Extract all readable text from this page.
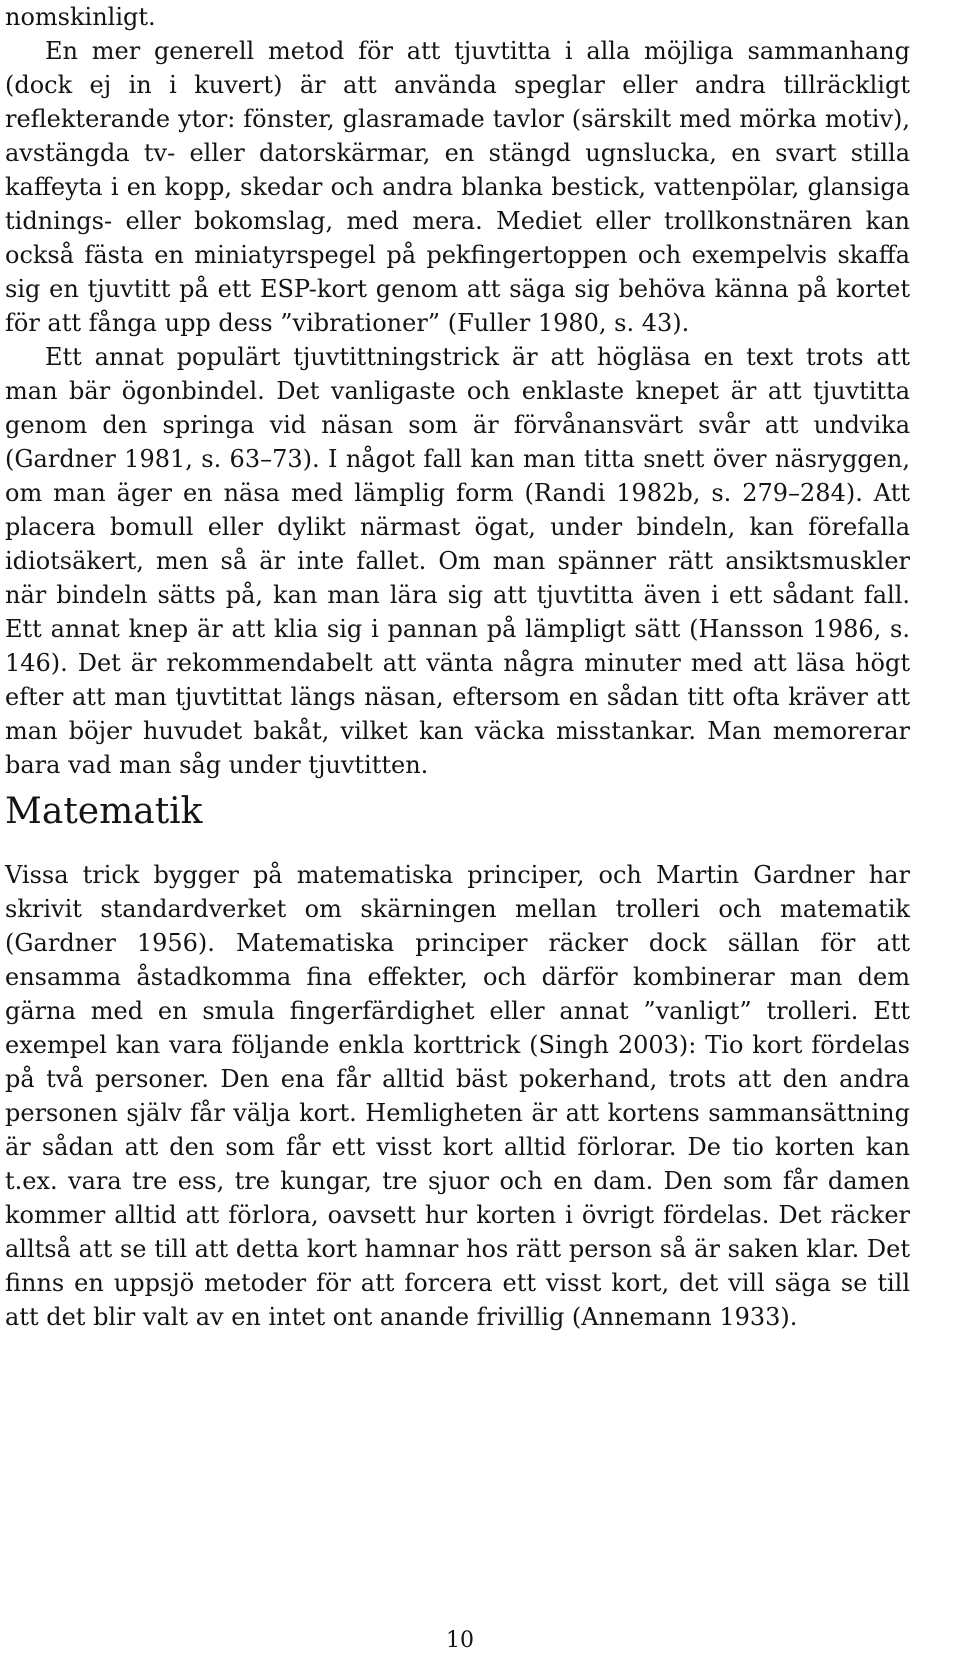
nomskinligt.

En mer generell metod för att tjuvtitta i alla möjliga sammanhang (dock ej in i kuvert) är att använda speglar eller andra tillräckligt reflekterande ytor: fönster, glasramade tavlor (särskilt med mörka motiv), avstängda tv- eller datorskärmar, en stängd ugnslucka, en svart stilla kaffeyta i en kopp, skedar och andra blanka bestick, vattenpölar, glansiga tidnings- eller bokomslag, med mera. Mediet eller trollkonstnären kan också fästa en miniatyrspegel på pekfingertoppen och exempelvis skaffa sig en tjuvtitt på ett ESP-kort genom att säga sig behöva känna på kortet för att fånga upp dess ”vibrationer” (Fuller 1980, s. 43).

Ett annat populärt tjuvtittningstrick är att högläsa en text trots att man bär ögonbindel. Det vanligaste och enklaste knepet är att tjuvtitta genom den springa vid näsan som är förvånansvärt svår att undvika (Gardner 1981, s. 63–73). I något fall kan man titta snett över näsryggen, om man äger en näsa med lämplig form (Randi 1982b, s. 279–284). Att placera bomull eller dylikt närmast ögat, under bindeln, kan förefalla idiotsäkert, men så är inte fallet. Om man spänner rätt ansiktsmuskler när bindeln sätts på, kan man lära sig att tjuvtitta även i ett sådant fall. Ett annat knep är att klia sig i pannan på lämpligt sätt (Hansson 1986, s. 146). Det är rekommendabelt att vänta några minuter med att läsa högt efter att man tjuvtittat längs näsan, eftersom en sådan titt ofta kräver att man böjer huvudet bakåt, vilket kan väcka misstankar. Man memorerar bara vad man såg under tjuvtitten.

Matematik

Vissa trick bygger på matematiska principer, och Martin Gardner har skrivit standardverket om skärningen mellan trolleri och matematik (Gardner 1956). Matematiska principer räcker dock sällan för att ensamma åstadkomma fina effekter, och därför kombinerar man dem gärna med en smula fingerfärdighet eller annat ”vanligt” trolleri. Ett exempel kan vara följande enkla korttrick (Singh 2003): Tio kort fördelas på två personer. Den ena får alltid bäst pokerhand, trots att den andra personen själv får välja kort. Hemligheten är att kortens sammansättning är sådan att den som får ett visst kort alltid förlorar. De tio korten kan t.ex. vara tre ess, tre kungar, tre sjuor och en dam. Den som får damen kommer alltid att förlora, oavsett hur korten i övrigt fördelas. Det räcker alltså att se till att detta kort hamnar hos rätt person så är saken klar. Det finns en uppsjö metoder för att forcera ett visst kort, det vill säga se till att det blir valt av en intet ont anande frivillig (Annemann 1933).

10
